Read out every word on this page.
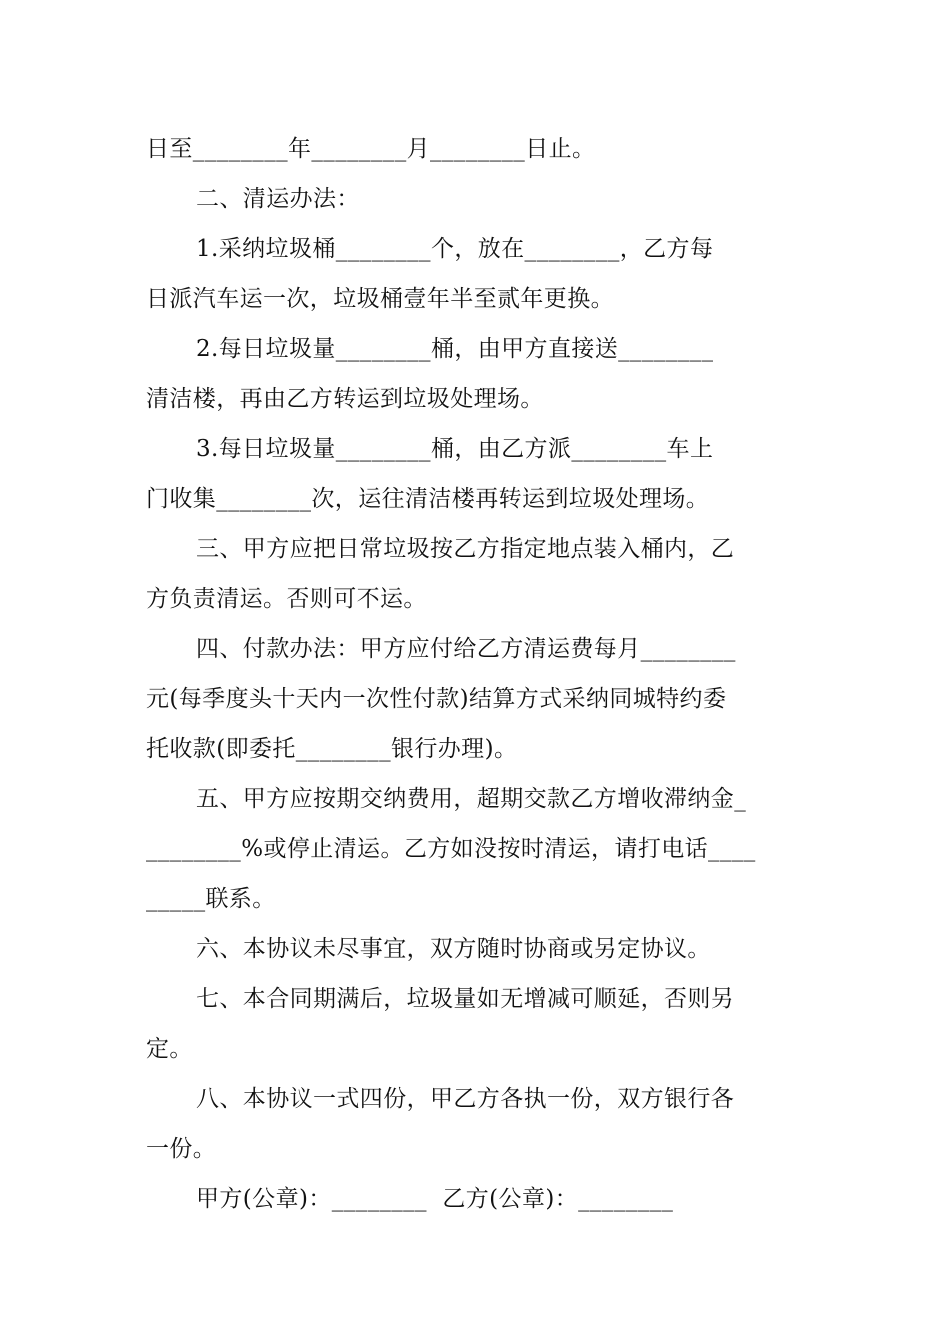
日至________年________月________日止。
二、清运办法：
1.采纳垃圾桶________个，放在________，乙方每
日派汽车运一次，垃圾桶壹年半至贰年更换。
2.每日垃圾量________桶，由甲方直接送________
清洁楼，再由乙方转运到垃圾处理场。
3.每日垃圾量________桶，由乙方派________车上
门收集________次，运往清洁楼再转运到垃圾处理场。
三、甲方应把日常垃圾按乙方指定地点装入桶内，乙
方负责清运。否则可不运。
四、付款办法：甲方应付给乙方清运费每月________
元(每季度头十天内一次性付款)结算方式采纳同城特约委
托收款(即委托________银行办理)。
五、甲方应按期交纳费用，超期交款乙方增收滞纳金_
________%或停止清运。乙方如没按时清运，请打电话____
_____联系。
六、本协议未尽事宜，双方随时协商或另定协议。
七、本合同期满后，垃圾量如无增减可顺延，否则另
定。
八、本协议一式四份，甲乙方各执一份，双方银行各
一份。
甲方(公章)：________  乙方(公章)：________
